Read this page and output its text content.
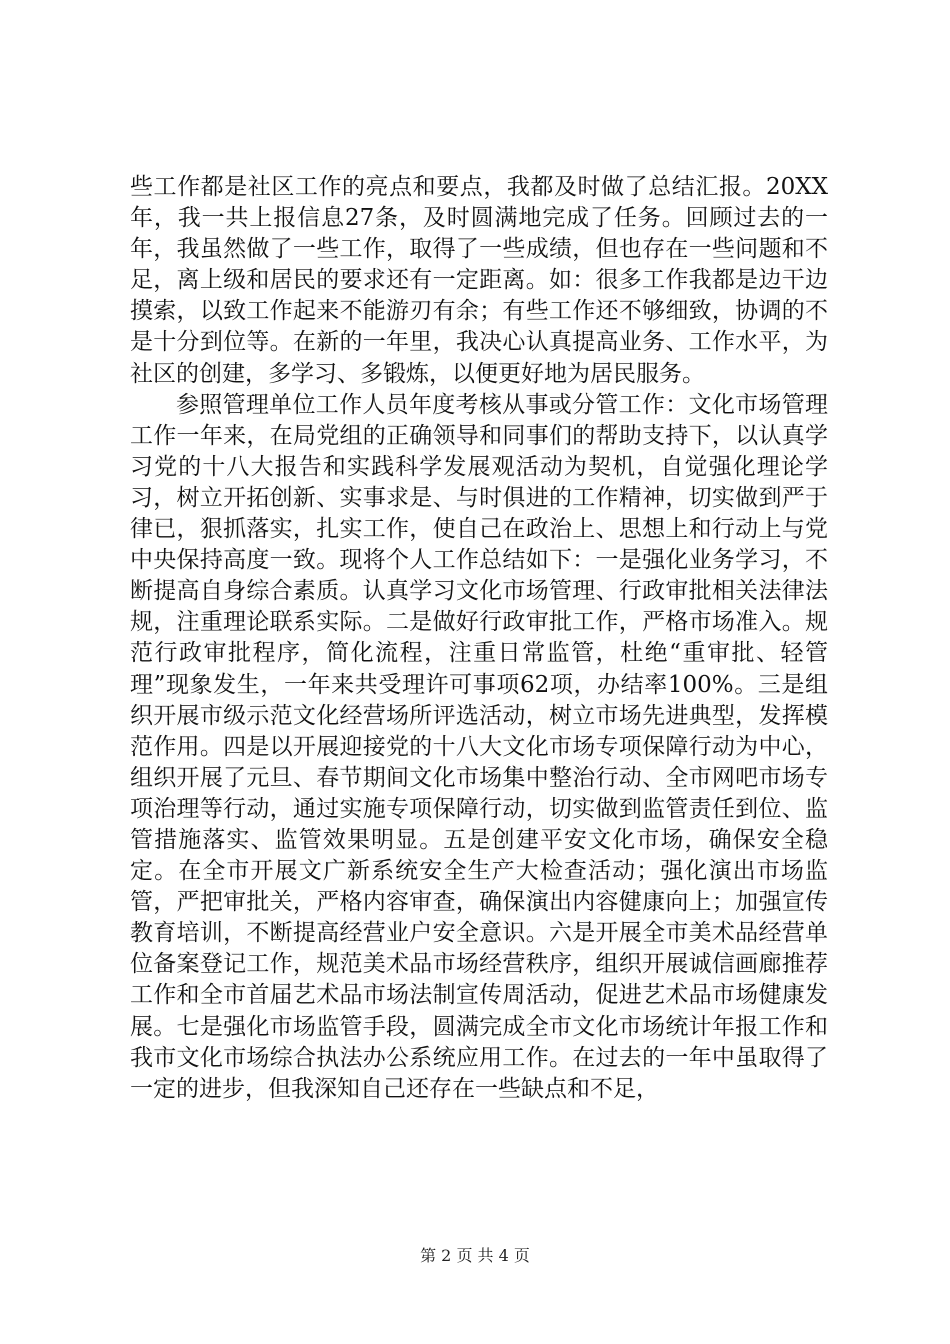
些工作都是社区工作的亮点和要点，我都及时做了总结汇报。20XX年，我一共上报信息27条，及时圆满地完成了任务。回顾过去的一年，我虽然做了一些工作，取得了一些成绩，但也存在一些问题和不足，离上级和居民的要求还有一定距离。如：很多工作我都是边干边摸索，以致工作起来不能游刃有余；有些工作还不够细致，协调的不是十分到位等。在新的一年里，我决心认真提高业务、工作水平，为社区的创建，多学习、多锻炼，以便更好地为居民服务。

参照管理单位工作人员年度考核从事或分管工作：文化市场管理工作一年来，在局党组的正确领导和同事们的帮助支持下，以认真学习党的十八大报告和实践科学发展观活动为契机，自觉强化理论学习，树立开拓创新、实事求是、与时俱进的工作精神，切实做到严于律已，狠抓落实，扎实工作，使自己在政治上、思想上和行动上与党中央保持高度一致。现将个人工作总结如下：一是强化业务学习，不断提高自身综合素质。认真学习文化市场管理、行政审批相关法律法规，注重理论联系实际。二是做好行政审批工作，严格市场准入。规范行政审批程序，简化流程，注重日常监管，杜绝“重审批、轻管理”现象发生，一年来共受理许可事项62项，办结率100%。三是组织开展市级示范文化经营场所评选活动，树立市场先进典型，发挥模范作用。四是以开展迎接党的十八大文化市场专项保障行动为中心，组织开展了元旦、春节期间文化市场集中整治行动、全市网吧市场专项治理等行动，通过实施专项保障行动，切实做到监管责任到位、监管措施落实、监管效果明显。五是创建平安文化市场，确保安全稳定。在全市开展文广新系统安全生产大检查活动；强化演出市场监管，严把审批关，严格内容审查，确保演出内容健康向上；加强宣传教育培训，不断提高经营业户安全意识。六是开展全市美术品经营单位备案登记工作，规范美术品市场经营秩序，组织开展诚信画廊推荐工作和全市首届艺术品市场法制宣传周活动，促进艺术品市场健康发展。七是强化市场监管手段，圆满完成全市文化市场统计年报工作和我市文化市场综合执法办公系统应用工作。在过去的一年中虽取得了一定的进步，但我深知自己还存在一些缺点和不足，

第 2 页 共 4 页
